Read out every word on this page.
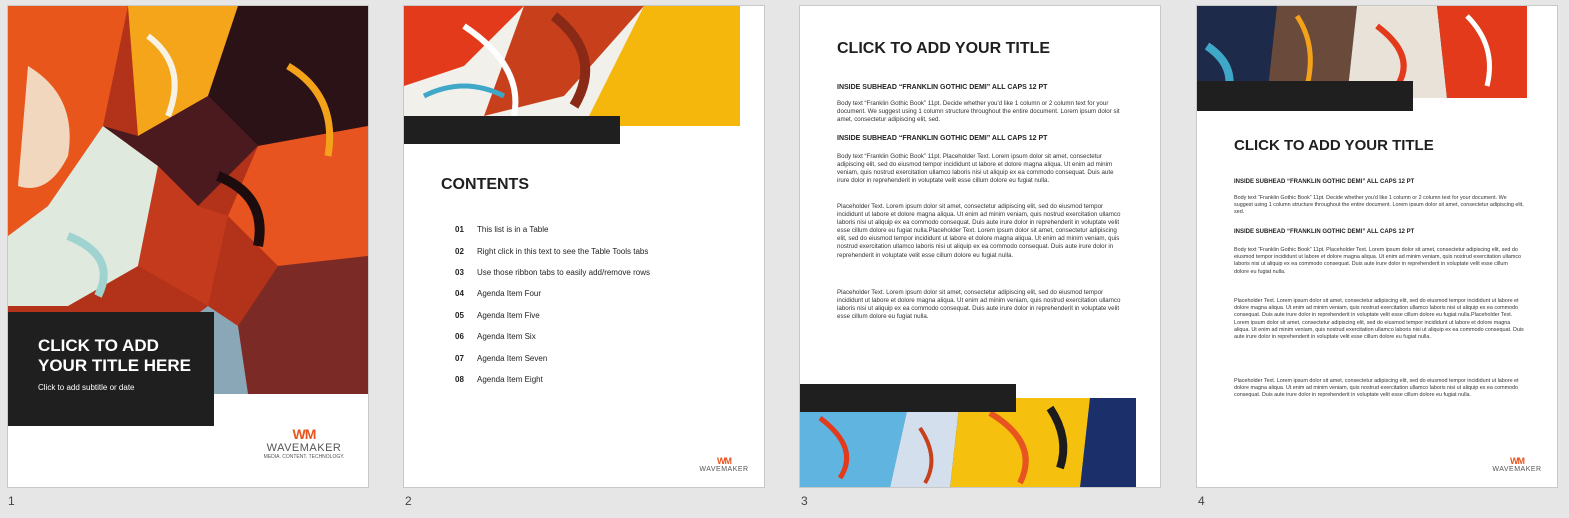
CLICK TO ADD YOUR TITLE HERE
Click to add subtitle or date
WM
WAVEMAKER
MEDIA. CONTENT. TECHNOLOGY.
1
CONTENTS
01	This list is in a Table
02	Right click in this text to see the Table Tools tabs
03	Use those ribbon tabs to easily add/remove rows
04	Agenda Item Four
05	Agenda Item Five
06	Agenda Item Six
07	Agenda Item Seven
08	Agenda Item Eight
WM
WAVEMAKER
2
CLICK TO ADD YOUR TITLE
INSIDE SUBHEAD “FRANKLIN GOTHIC DEMI” ALL CAPS 12 PT
Body text “Franklin Gothic Book” 11pt. Decide whether you'd like 1 column or 2 column text for your document. We suggest using 1 column structure throughout the entire document. Lorem ipsum dolor sit amet, consectetur adipiscing elit, sed.
INSIDE SUBHEAD “FRANKLIN GOTHIC DEMI” ALL CAPS 12 PT
Body text “Franklin Gothic Book” 11pt. Placeholder Text. Lorem ipsum dolor sit amet, consectetur adipiscing elit, sed do eiusmod tempor incididunt ut labore et dolore magna aliqua. Ut enim ad minim veniam, quis nostrud exercitation ullamco laboris nisi ut aliquip ex ea commodo consequat. Duis aute irure dolor in reprehenderit in voluptate velit esse cillum dolore eu fugiat nulla.
Placeholder Text. Lorem ipsum dolor sit amet, consectetur adipiscing elit, sed do eiusmod tempor incididunt ut labore et dolore magna aliqua. Ut enim ad minim veniam, quis nostrud exercitation ullamco laboris nisi ut aliquip ex ea commodo consequat. Duis aute irure dolor in reprehenderit in voluptate velit esse cillum dolore eu fugiat nulla.Placeholder Text. Lorem ipsum dolor sit amet, consectetur adipiscing elit, sed do eiusmod tempor incididunt ut labore et dolore magna aliqua. Ut enim ad minim veniam, quis nostrud exercitation ullamco laboris nisi ut aliquip ex ea commodo consequat. Duis aute irure dolor in reprehenderit in voluptate velit esse cillum dolore eu fugiat nulla.
Placeholder Text. Lorem ipsum dolor sit amet, consectetur adipiscing elit, sed do eiusmod tempor incididunt ut labore et dolore magna aliqua. Ut enim ad minim veniam, quis nostrud exercitation ullamco laboris nisi ut aliquip ex ea commodo consequat. Duis aute irure dolor in reprehenderit in voluptate velit esse cillum dolore eu fugiat nulla.
3
CLICK TO ADD YOUR TITLE
INSIDE SUBHEAD “FRANKLIN GOTHIC DEMI” ALL CAPS 12 PT
Body text “Franklin Gothic Book” 11pt. Decide whether you'd like 1 column or 2 column text for your document. We suggest using 1 column structure throughout the entire document. Lorem ipsum dolor sit amet, consectetur adipiscing elit, sed.
INSIDE SUBHEAD “FRANKLIN GOTHIC DEMI” ALL CAPS 12 PT
Body text “Franklin Gothic Book” 11pt. Placeholder Text. Lorem ipsum dolor sit amet, consectetur adipiscing elit, sed do eiusmod tempor incididunt ut labore et dolore magna aliqua. Ut enim ad minim veniam, quis nostrud exercitation ullamco laboris nisi ut aliquip ex ea commodo consequat. Duis aute irure dolor in reprehenderit in voluptate velit esse cillum dolore eu fugiat nulla.
Placeholder Text. Lorem ipsum dolor sit amet, consectetur adipiscing elit, sed do eiusmod tempor incididunt ut labore et dolore magna aliqua. Ut enim ad minim veniam, quis nostrud exercitation ullamco laboris nisi ut aliquip ex ea commodo consequat. Duis aute irure dolor in reprehenderit in voluptate velit esse cillum dolore eu fugiat nulla.Placeholder Text. Lorem ipsum dolor sit amet, consectetur adipiscing elit, sed do eiusmod tempor incididunt ut labore et dolore magna aliqua. Ut enim ad minim veniam, quis nostrud exercitation ullamco laboris nisi ut aliquip ex ea commodo consequat. Duis aute irure dolor in reprehenderit in voluptate velit esse cillum dolore eu fugiat nulla.
Placeholder Text. Lorem ipsum dolor sit amet, consectetur adipiscing elit, sed do eiusmod tempor incididunt ut labore et dolore magna aliqua. Ut enim ad minim veniam, quis nostrud exercitation ullamco laboris nisi ut aliquip ex ea commodo consequat. Duis aute irure dolor in reprehenderit in voluptate velit esse cillum dolore eu fugiat nulla.
WM
WAVEMAKER
4
